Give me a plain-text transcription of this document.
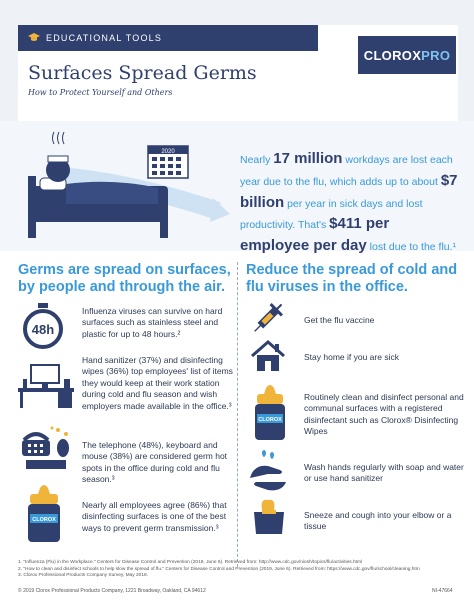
EDUCATIONAL TOOLS
Surfaces Spread Germs
How to Protect Yourself and Others
CLOROX PRO
2020
Nearly 17 million workdays are lost each year due to the flu, which adds up to about $7 billion per year in sick days and lost productivity. That's $411 per employee per day lost due to the flu.¹
Germs are spread on surfaces, by people and through the air.
48h
Influenza viruses can survive on hard surfaces such as stainless steel and plastic for up to 48 hours.²
Hand sanitizer (37%) and disinfecting wipes (36%) top employees' list of items they would keep at their work station during cold and flu season and wish employers made available in the office.³
The telephone (48%), keyboard and mouse (38%) are considered germ hot spots in the office during cold and flu season.³
CLOROX
Nearly all employees agree (86%) that disinfecting surfaces is one of the best ways to prevent germ transmission.³
Reduce the spread of cold and flu viruses in the office.
Get the flu vaccine
Stay home if you are sick
CLOROX
Routinely clean and disinfect personal and communal surfaces with a registered disinfectant such as Clorox® Disinfecting Wipes
Wash hands regularly with soap and water or use hand sanitizer
Sneeze and cough into your elbow or a tissue
1. "Influenza (Flu) in the Workplace." Centers for Disease Control and Prevention (2019, June 6). Retrieved from: http://www.cdc.gov/niosh/topics/flu/activities.html
2. "How to clean and disinfect schools to help slow the spread of flu." Centers for Disease Control and Prevention (2019, June 6). Retrieved from: https://www.cdc.gov/flu/school/cleaning.htm
3. Clorox Professional Products Company Survey, May 2018.
© 2019 Clorox Professional Products Company, 1221 Broadway, Oakland, CA 94612	NI-47664
